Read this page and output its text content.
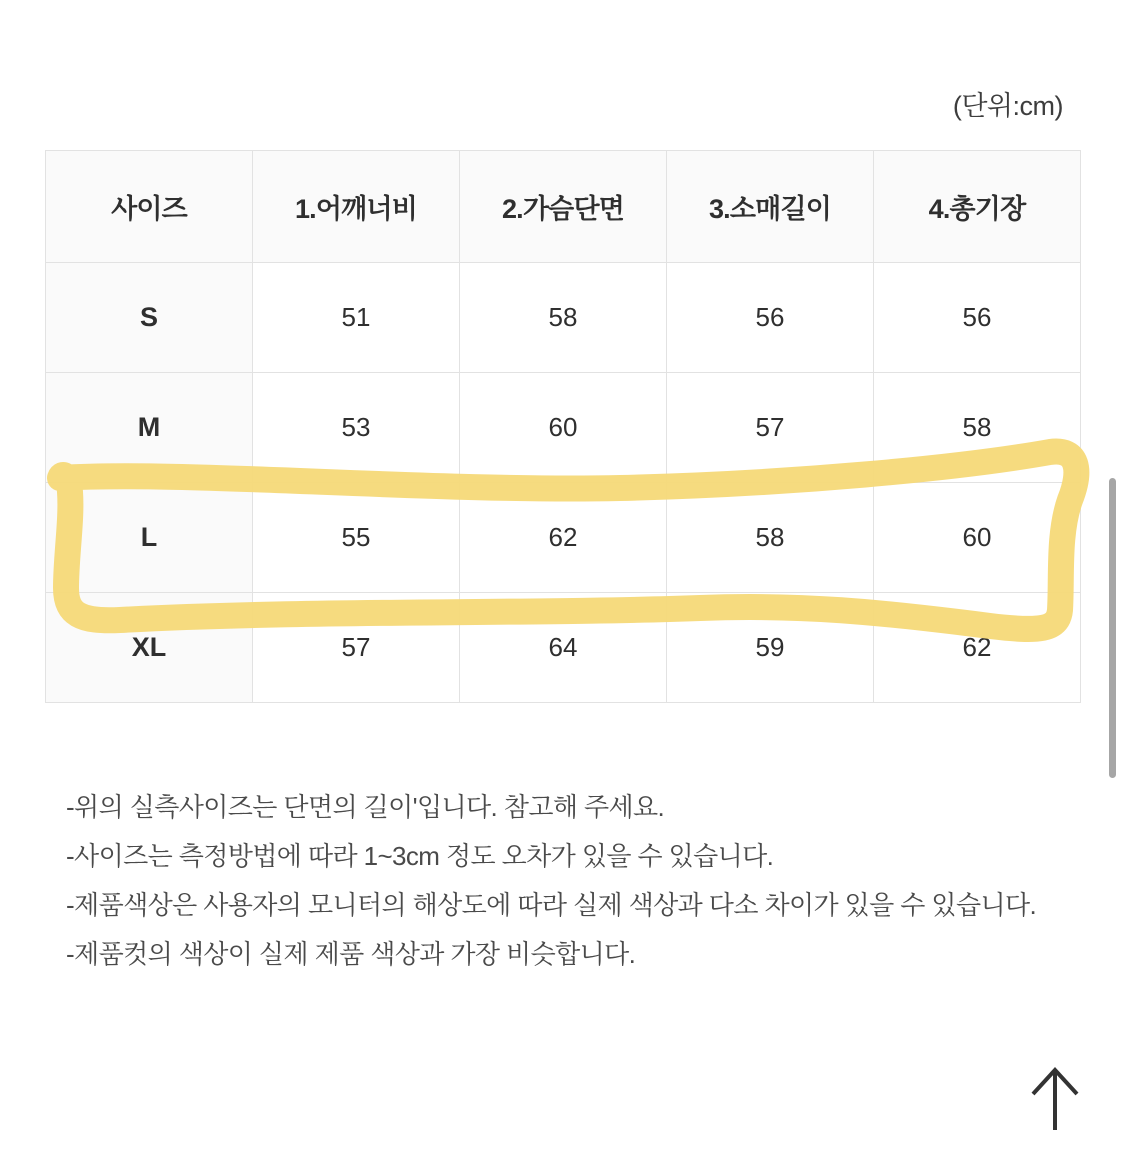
(단위:cm)
사이즈	1.어깨너비	2.가슴단면	3.소매길이	4.총기장
S	51	58	56	56
M	53	60	57	58
L	55	62	58	60
XL	57	64	59	62

-위의 실측사이즈는 단면의 길이'입니다. 참고해 주세요.

-사이즈는 측정방법에 따라 1~3cm 정도 오차가 있을 수 있습니다.

-제품색상은 사용자의 모니터의 해상도에 따라 실제 색상과 다소 차이가 있을 수 있습니다.

-제품컷의 색상이 실제 제품 색상과 가장 비슷합니다.
